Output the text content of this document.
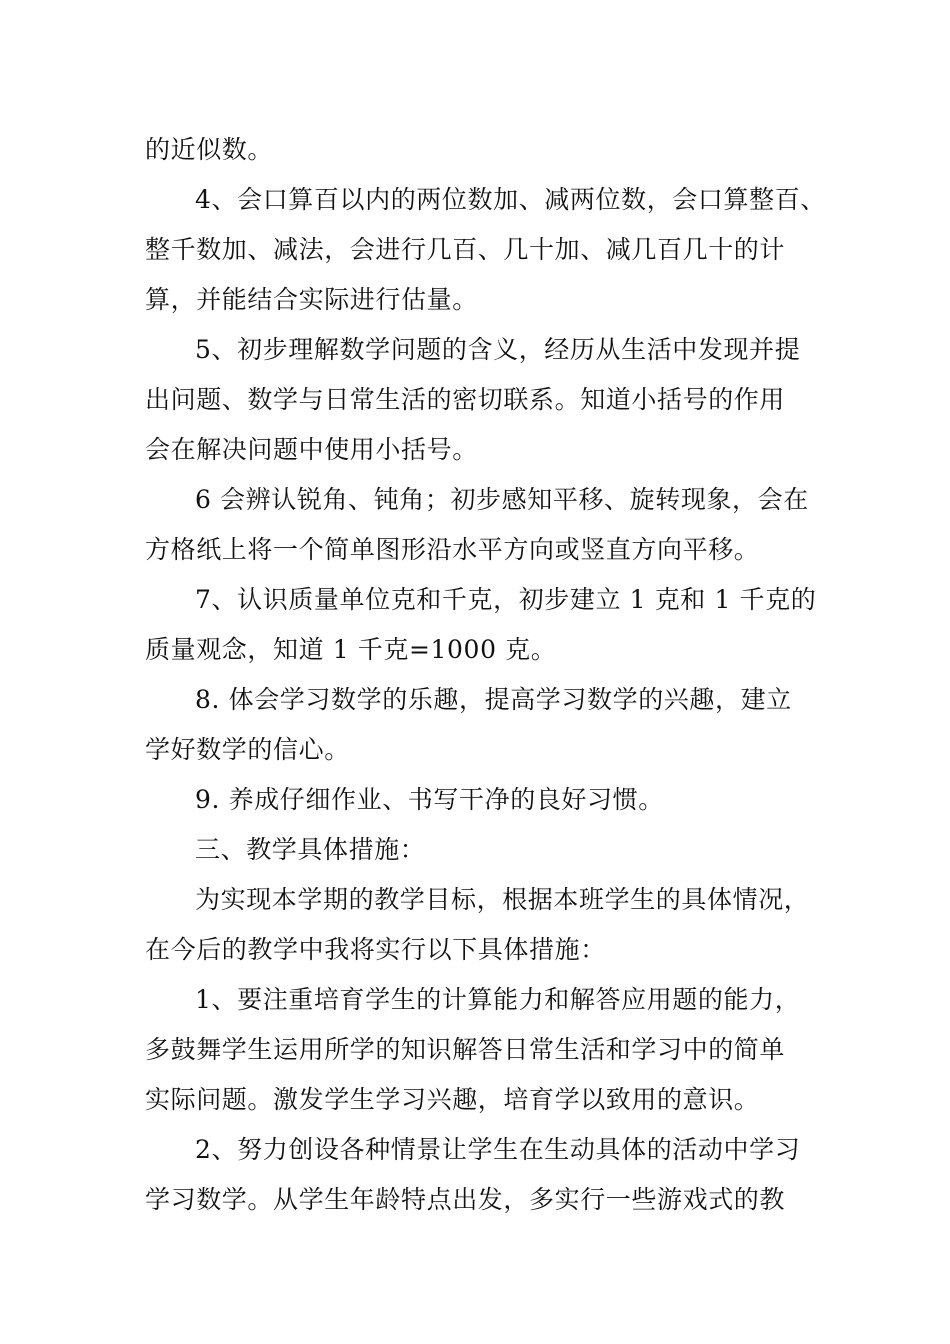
的近似数。
4、会口算百以内的两位数加、减两位数，会口算整百、
整千数加、减法，会进行几百、几十加、减几百几十的计
算，并能结合实际进行估量。
5、初步理解数学问题的含义，经历从生活中发现并提
出问题、数学与日常生活的密切联系。知道小括号的作用
会在解决问题中使用小括号。
6 会辨认锐角、钝角；初步感知平移、旋转现象，会在
方格纸上将一个简单图形沿水平方向或竖直方向平移。
7、认识质量单位克和千克，初步建立 1 克和 1 千克的
质量观念，知道 1 千克=1000 克。
8. 体会学习数学的乐趣，提高学习数学的兴趣，建立
学好数学的信心。
9. 养成仔细作业、书写干净的良好习惯。
三、教学具体措施：
为实现本学期的教学目标，根据本班学生的具体情况，
在今后的教学中我将实行以下具体措施：
1、要注重培育学生的计算能力和解答应用题的能力，
多鼓舞学生运用所学的知识解答日常生活和学习中的简单
实际问题。激发学生学习兴趣，培育学以致用的意识。
2、努力创设各种情景让学生在生动具体的活动中学习
学习数学。从学生年龄特点出发，多实行一些游戏式的教
